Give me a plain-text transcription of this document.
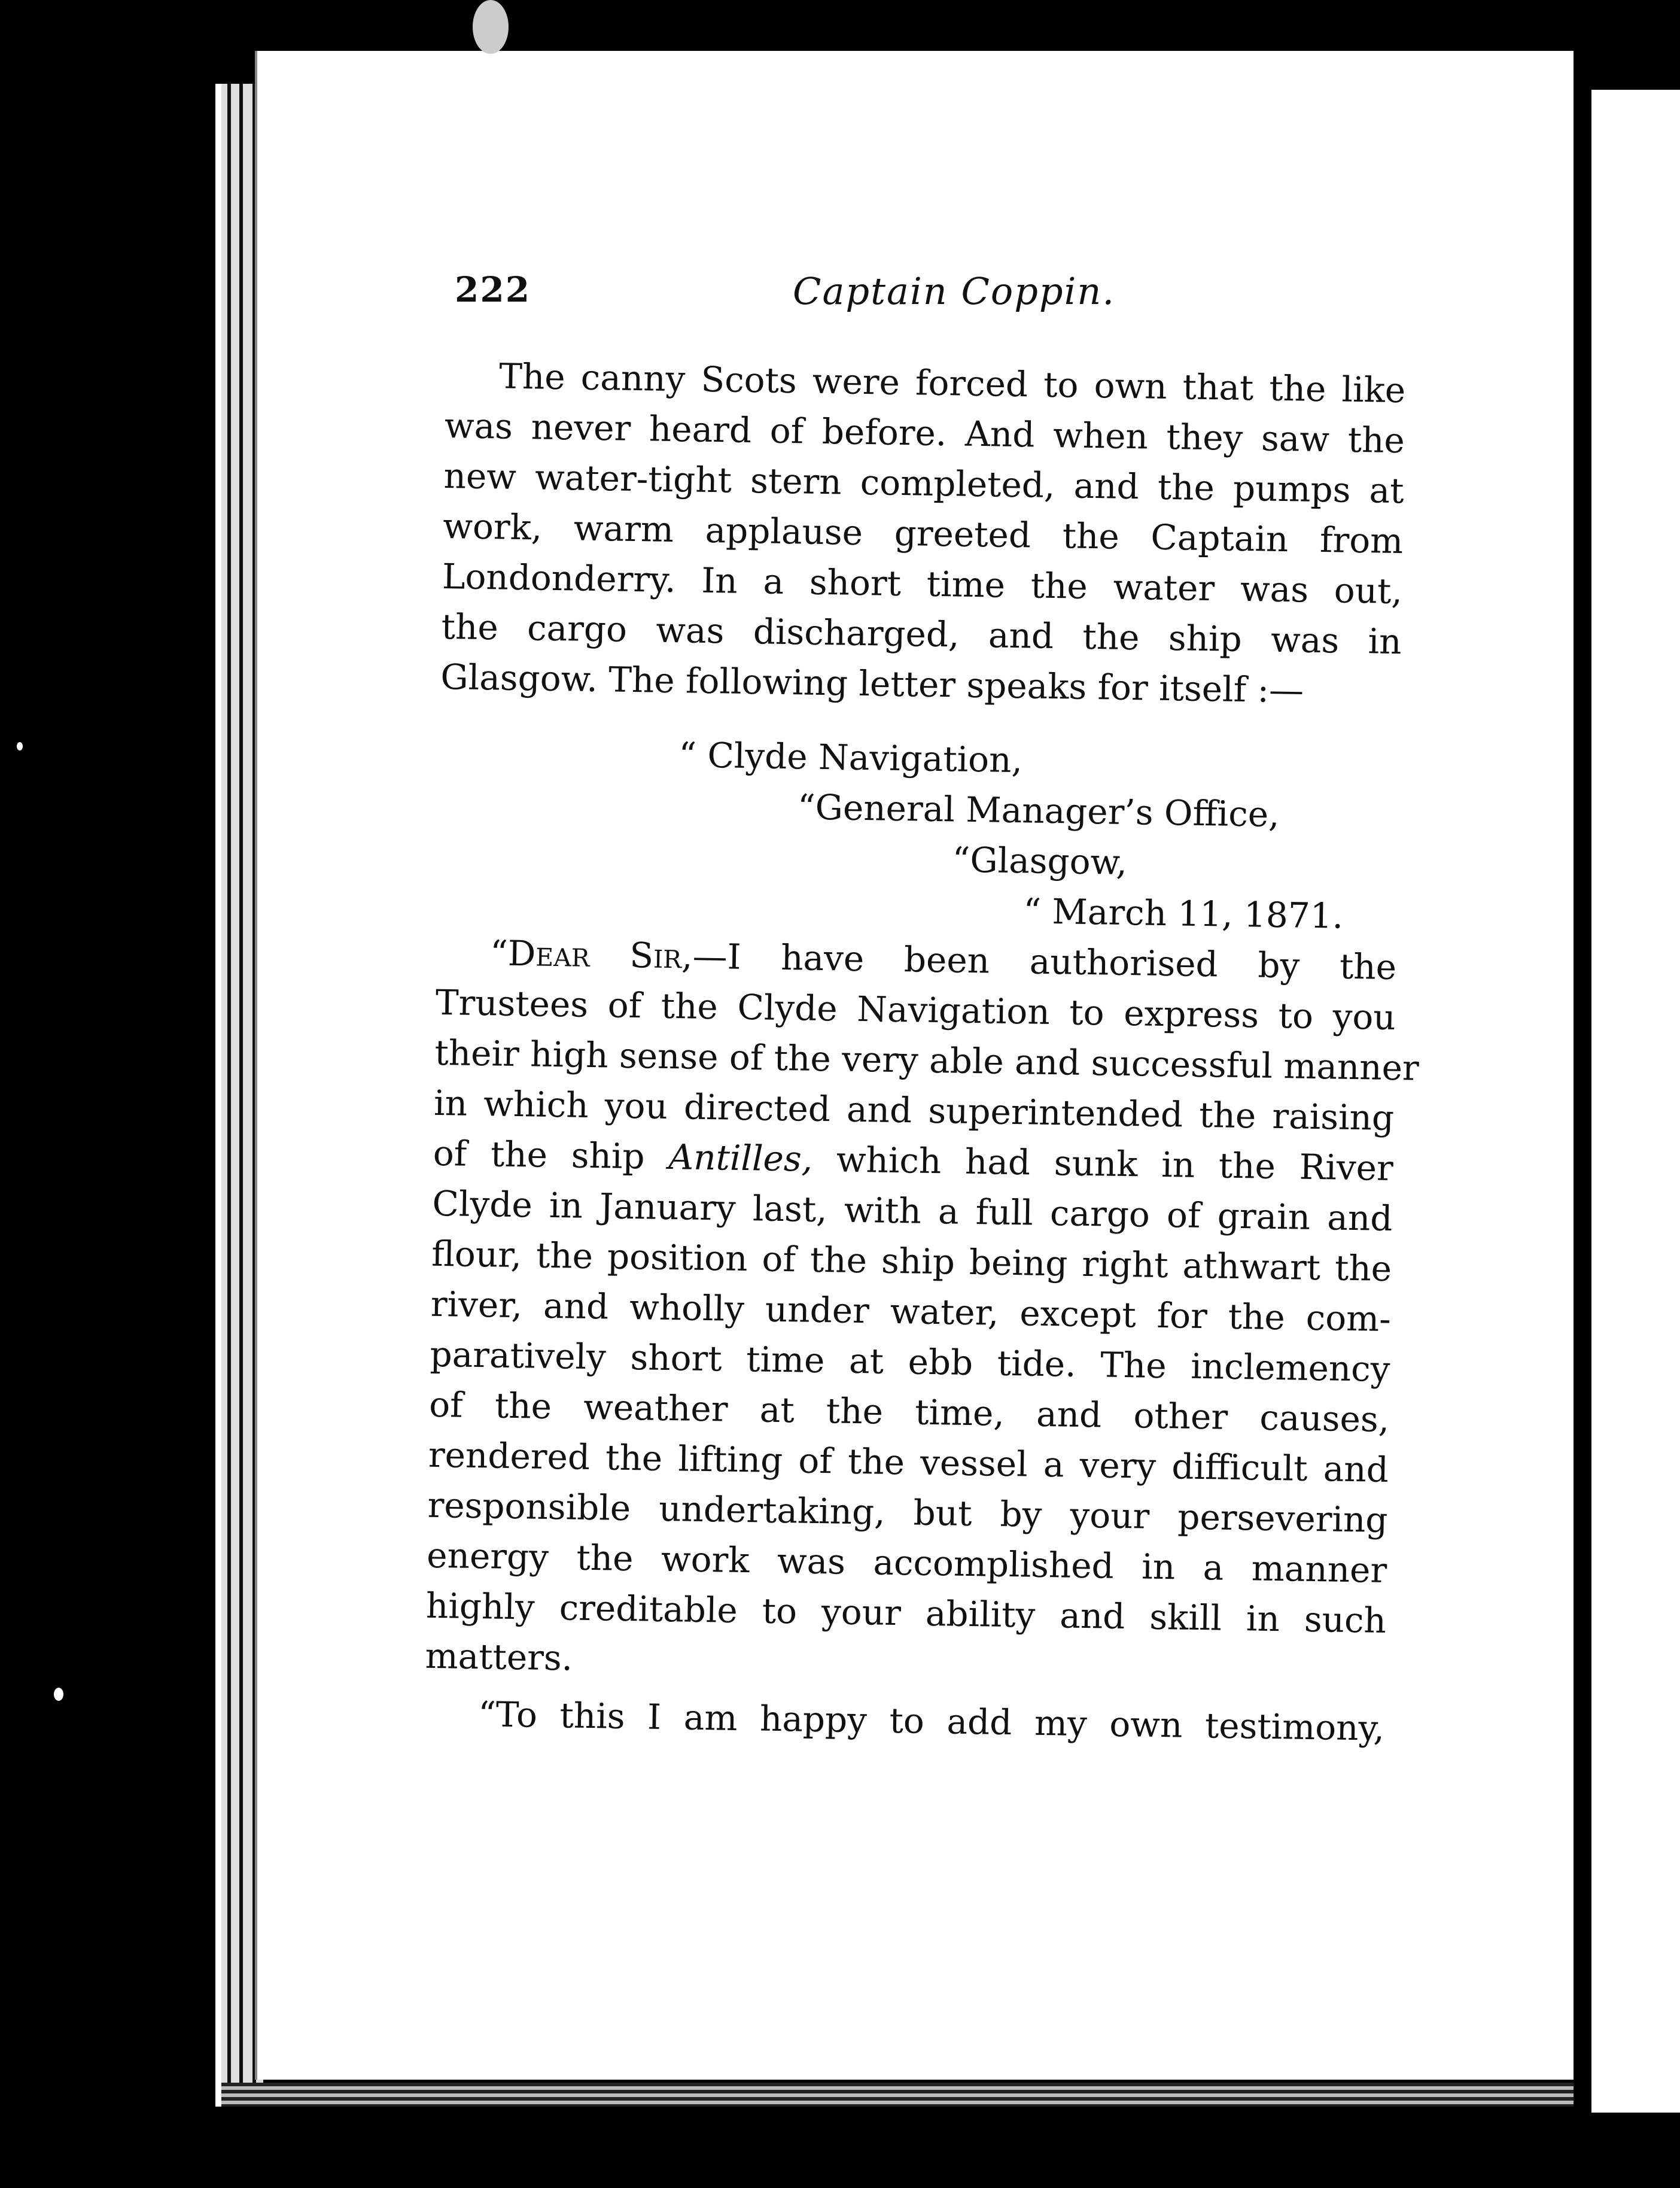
222	Captain Coppin.
The canny Scots were forced to own that the like
was never heard of before. And when they saw the
new water-tight stern completed, and the pumps at
work, warm applause greeted the Captain from
Londonderry. In a short time the water was out,
the cargo was discharged, and the ship was in
Glasgow. The following letter speaks for itself :—
“ Clyde Navigation,
“General Manager’s Office,
“Glasgow,
“ March 11, 1871.
“Dear Sir,—I have been authorised by the
Trustees of the Clyde Navigation to express to you
their high sense of the very able and successful manner
in which you directed and superintended the raising
of the ship Antilles, which had sunk in the River
Clyde in January last, with a full cargo of grain and
flour, the position of the ship being right athwart the
river, and wholly under water, except for the com-
paratively short time at ebb tide. The inclemency
of the weather at the time, and other causes,
rendered the lifting of the vessel a very difficult and
responsible undertaking, but by your persevering
energy the work was accomplished in a manner
highly creditable to your ability and skill in such
matters.
“To this I am happy to add my own testimony,
